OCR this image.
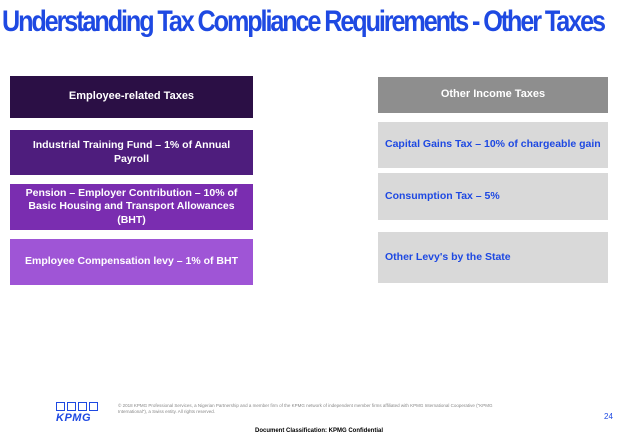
Understanding Tax Compliance Requirements - Other Taxes
Employee-related Taxes
Industrial Training Fund – 1% of Annual Payroll
Pension – Employer Contribution – 10% of Basic Housing and Transport Allowances (BHT)
Employee Compensation levy – 1% of BHT
Other Income Taxes
Capital Gains Tax – 10% of chargeable gain
Consumption Tax – 5%
Other Levy's by the State
KPMG
© 2018 KPMG Professional Services, a Nigerian Partnership and a member firm of the KPMG network of independent member firms affiliated with KPMG International Cooperative ("KPMG International"), a Swiss entity. All rights reserved.
24
Document Classification: KPMG Confidential
